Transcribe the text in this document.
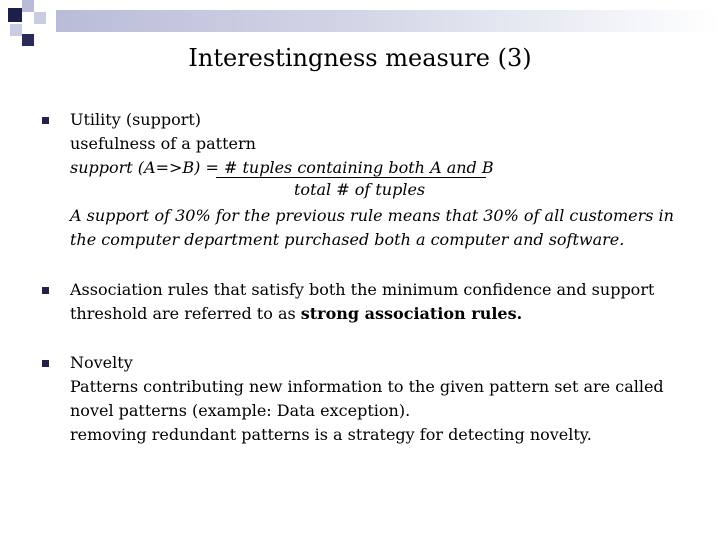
Interestingness measure (3)
Utility (support)
usefulness of a pattern
support (A=>B) = # tuples containing both A and B
total # of tuples
A support of 30% for the previous rule means that 30% of all customers in
the computer department purchased both a computer and software.
Association rules that satisfy both the minimum confidence and support
threshold are referred to as strong association rules.
Novelty
Patterns contributing new information to the given pattern set are called
novel patterns (example: Data exception).
removing redundant patterns is a strategy for detecting novelty.
